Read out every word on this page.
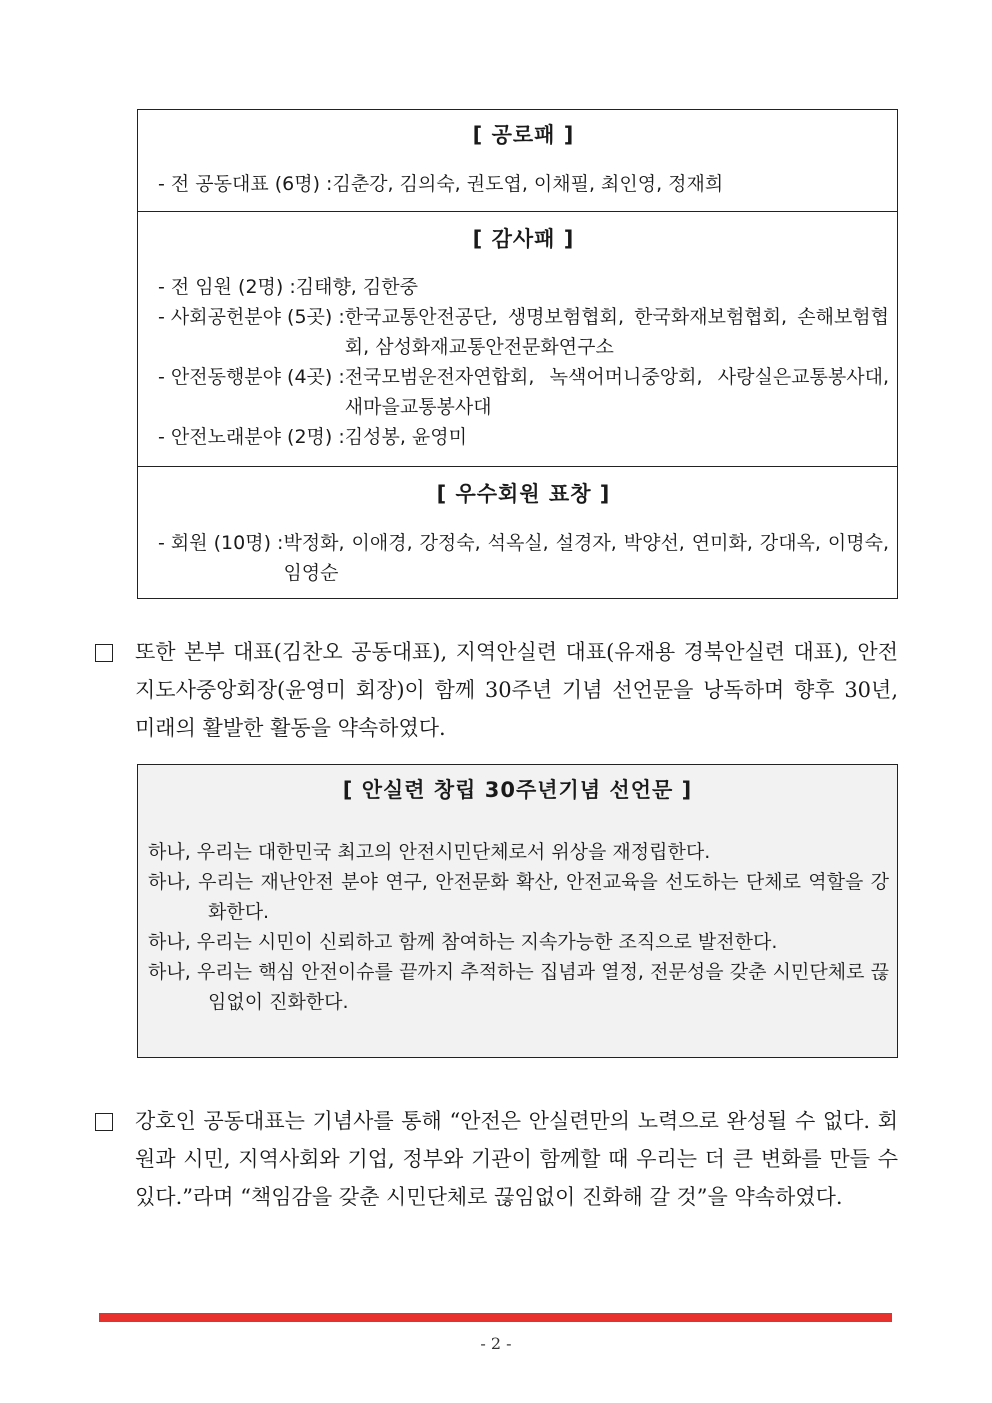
[ 공로패 ]
- 전 공동대표 (6명) : 김춘강, 김의숙, 권도엽, 이채필, 최인영, 정재희
[ 감사패 ]
- 전 임원 (2명) : 김태향, 김한중
- 사회공헌분야 (5곳) : 한국교통안전공단, 생명보험협회, 한국화재보험협회, 손해보험협회, 삼성화재교통안전문화연구소
- 안전동행분야 (4곳) : 전국모범운전자연합회, 녹색어머니중앙회, 사랑실은교통봉사대, 새마을교통봉사대
- 안전노래분야 (2명) : 김성봉, 윤영미
[ 우수회원 표창 ]
- 회원 (10명) : 박정화, 이애경, 강정숙, 석옥실, 설경자, 박양선, 연미화, 강대옥, 이명숙, 임영순
또한 본부 대표(김찬오 공동대표), 지역안실련 대표(유재용 경북안실련 대표), 안전지도사중앙회장(윤영미 회장)이 함께 30주년 기념 선언문을 낭독하며 향후 30년, 미래의 활발한 활동을 약속하였다.
[ 안실련 창립 30주년기념 선언문 ]
하나, 우리는 대한민국 최고의 안전시민단체로서 위상을 재정립한다.
하나, 우리는 재난안전 분야 연구, 안전문화 확산, 안전교육을 선도하는 단체로 역할을 강화한다.
하나, 우리는 시민이 신뢰하고 함께 참여하는 지속가능한 조직으로 발전한다.
하나, 우리는 핵심 안전이슈를 끝까지 추적하는 집념과 열정, 전문성을 갖춘 시민단체로 끊임없이 진화한다.
강호인 공동대표는 기념사를 통해 “안전은 안실련만의 노력으로 완성될 수 없다. 회원과 시민, 지역사회와 기업, 정부와 기관이 함께할 때 우리는 더 큰 변화를 만들 수 있다.”라며 “책임감을 갖춘 시민단체로 끊임없이 진화해 갈 것”을 약속하였다.
- 2 -
